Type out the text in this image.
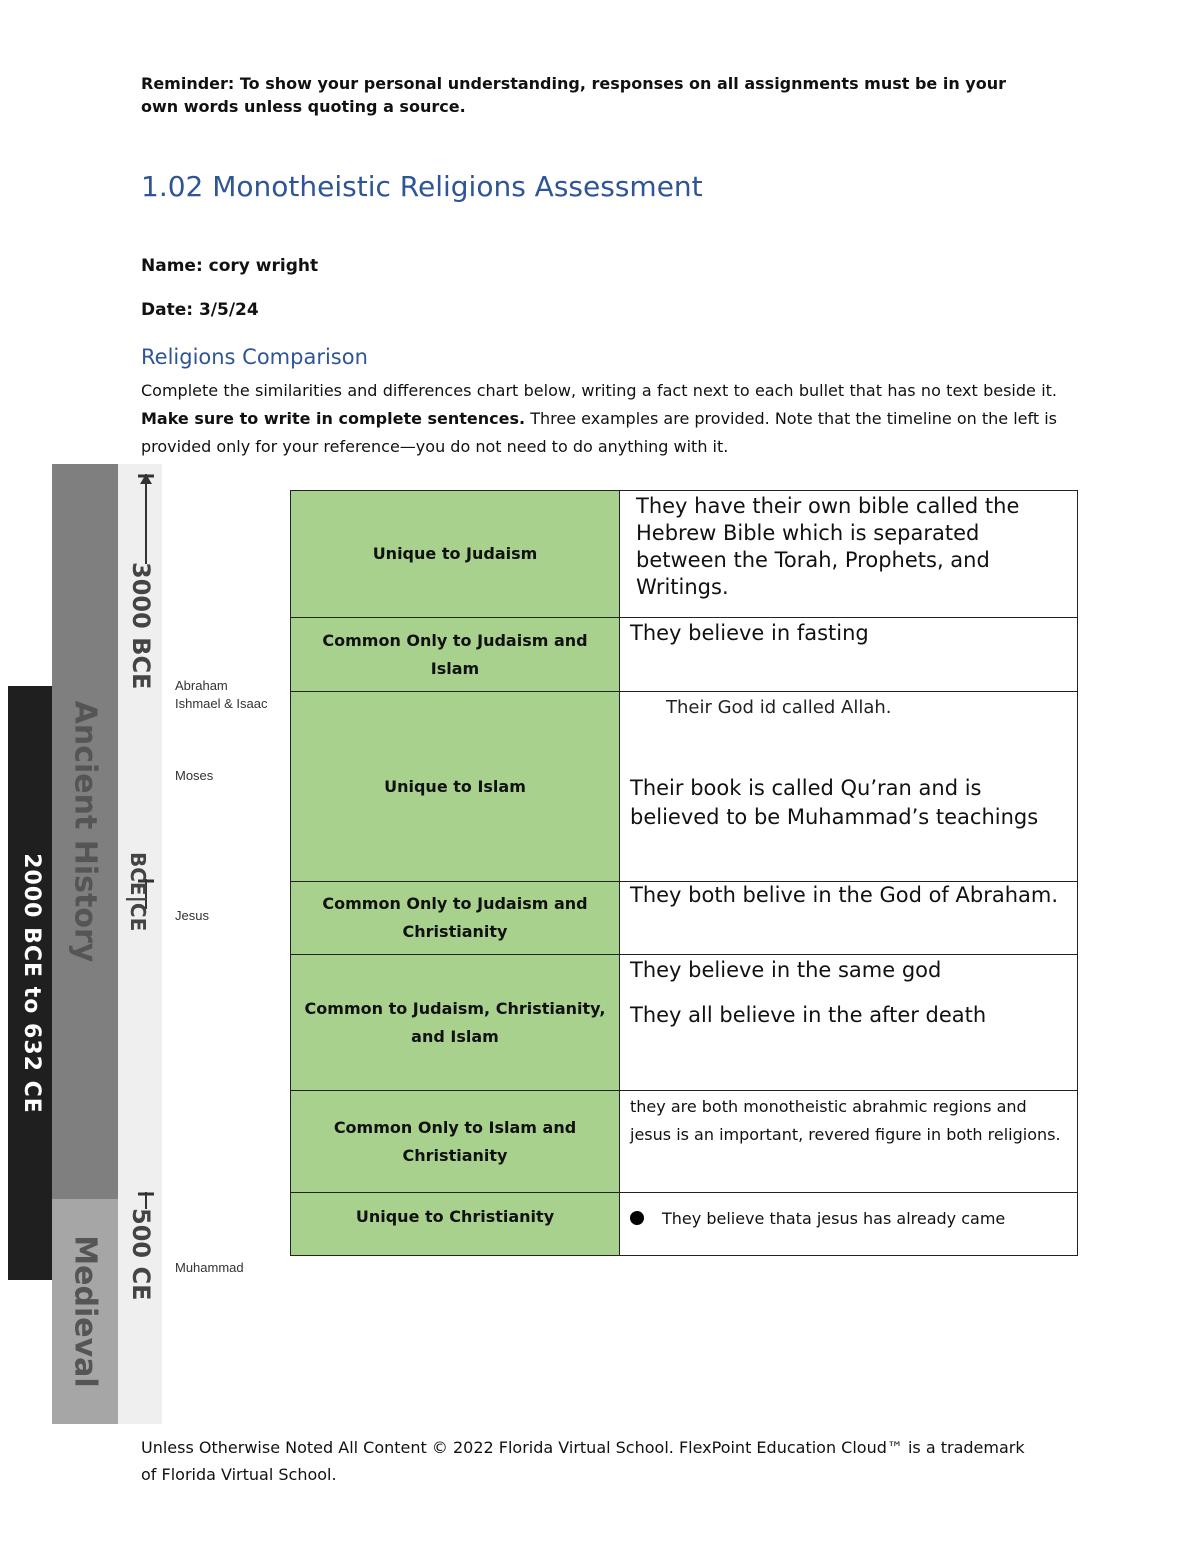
Reminder: To show your personal understanding, responses on all assignments must be in your own words unless quoting a source.
1.02 Monotheistic Religions Assessment
Name: cory wright
Date: 3/5/24
Religions Comparison
Complete the similarities and differences chart below, writing a fact next to each bullet that has no text beside it. Make sure to write in complete sentences. Three examples are provided. Note that the timeline on the left is provided only for your reference—you do not need to do anything with it.
2000 BCE to 632 CE
Ancient History
Medieval
3000 BCE
BCE|CE
500 CE
Abraham
Ishmael & Isaac
Moses
Jesus
Muhammad
Unique to Judaism	They have their own bible called the Hebrew Bible which is separated between the Torah, Prophets, and Writings.

Common Only to Judaism and Islam	They believe in fasting

Unique to Islam	Their God id called Allah.
Their book is called Qu’ran and is believed to be Muhammad’s teachings

Common Only to Judaism and Christianity	They both belive in the God of Abraham.

Common to Judaism, Christianity, and Islam	They believe in the same god
They all believe in the after death

Common Only to Islam and Christianity	they are both monotheistic abrahmic regions and jesus is an important, revered figure in both religions.

Unique to Christianity	They believe thata jesus has already came
Unless Otherwise Noted All Content © 2022 Florida Virtual School. FlexPoint Education Cloud™ is a trademark of Florida Virtual School.
